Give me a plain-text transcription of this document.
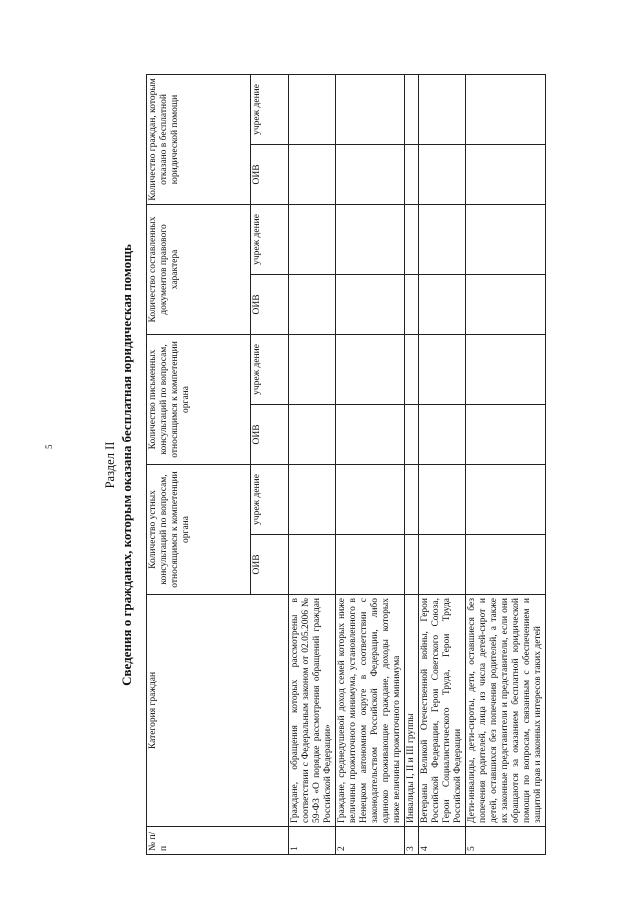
5	Раздел II Сведения о гражданах, которым оказана бесплатная юридическая помощь
№ п/п	Категория граждан	Количество устных консультаций по вопросам, относящимся к компетенции органа		Количество письменных консультаций по вопросам, относящимся к компетенции органа		Количество составленных документов правового характера		Количество граждан, которым отказано в бесплатной юридической помощи	
		ОИВ	учреж дение	ОИВ	учреж дение	ОИВ	учреж дение	ОИВ	учреж дение
1	Граждане, обращения которых рассмотрены в соответствии с Федеральным законом от 02.05.2006 № 59-ФЗ «О порядке рассмотрения обращений граждан Российской Федерации»								
2	Граждане, среднедушевой доход семей которых ниже величины прожиточного минимума, установленного в Ненецком автономном округе в соответствии с законодательством Российской Федерации, либо одиноко проживающие граждане, доходы которых ниже величины прожиточного минимума								
3	Инвалиды I, II и III группы								
4	Ветераны Великой Отечественной войны, Герои Российской Федерации, Герои Советского Союза, Герои Социалистического Труда, Герои Труда Российской Федерации								
5	Дети-инвалиды, дети-сироты, дети, оставшиеся без попечения родителей, лица из числа детей-сирот и детей, оставшихся без попечения родителей, а также их законные представители и представители, если они обращаются за оказанием бесплатной юридической помощи по вопросам, связанным с обеспечением и защитой прав и законных интересов таких детей								
